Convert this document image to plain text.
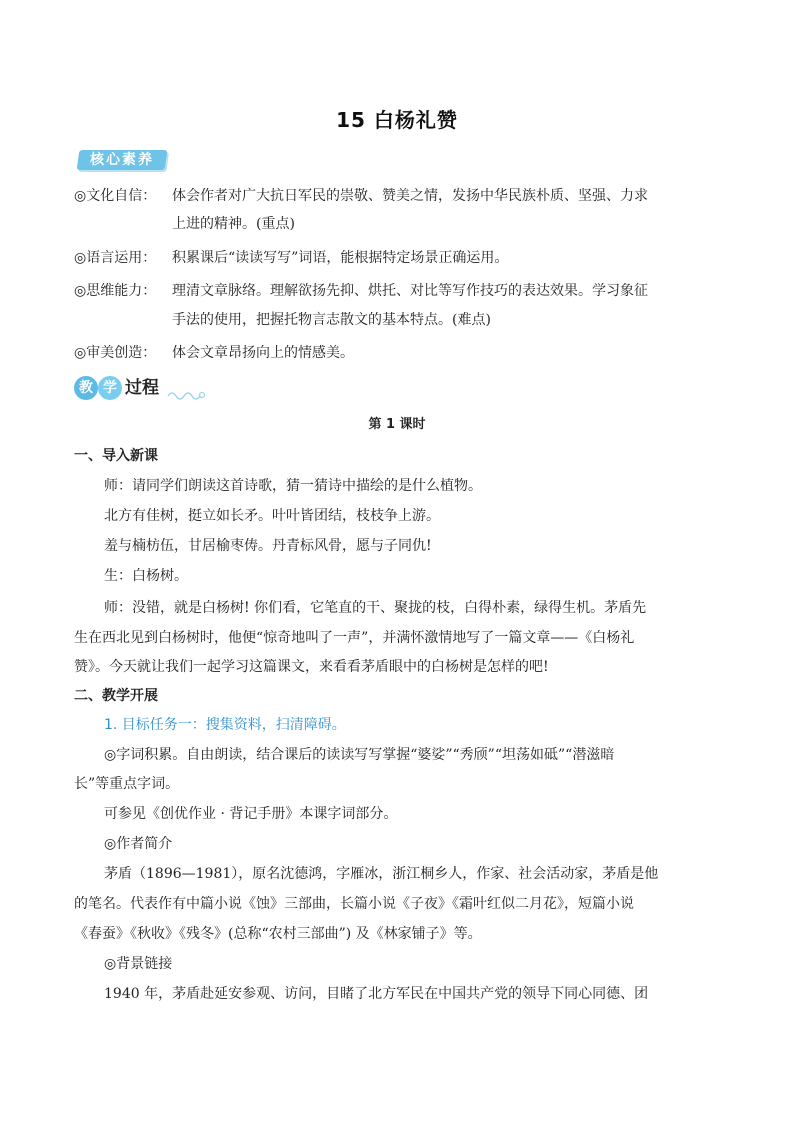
15 白杨礼赞
核心素养
◎文化自信： 体会作者对广大抗日军民的崇敬、赞美之情，发扬中华民族朴质、坚强、力求
上进的精神。(重点)
◎语言运用： 积累课后“读读写写”词语，能根据特定场景正确运用。
◎思维能力： 理清文章脉络。理解欲扬先抑、烘托、对比等写作技巧的表达效果。学习象征
手法的使用，把握托物言志散文的基本特点。(难点)
◎审美创造： 体会文章昂扬向上的情感美。
教 学 过程
第 1 课时
一、导入新课
师：请同学们朗读这首诗歌，猜一猜诗中描绘的是什么植物。
北方有佳树，挺立如长矛。叶叶皆团结，枝枝争上游。
羞与楠枋伍，甘居榆枣俦。丹青标风骨，愿与子同仇!
生：白杨树。
师：没错，就是白杨树! 你们看，它笔直的干、聚拢的枝，白得朴素，绿得生机。茅盾先
生在西北见到白杨树时，他便“惊奇地叫了一声”，并满怀激情地写了一篇文章——《白杨礼
赞》。今天就让我们一起学习这篇课文，来看看茅盾眼中的白杨树是怎样的吧!
二、教学开展
1. 目标任务一：搜集资料，扫清障碍。
◎字词积累。自由朗读，结合课后的读读写写掌握“婆娑”“秀颀”“坦荡如砥”“潜滋暗
长”等重点字词。
可参见《创优作业 · 背记手册》本课字词部分。
◎作者简介
茅盾（1896—1981），原名沈德鸿，字雁冰，浙江桐乡人，作家、社会活动家，茅盾是他
的笔名。代表作有中篇小说《蚀》三部曲，长篇小说《子夜》《霜叶红似二月花》，短篇小说
《春蚕》《秋收》《残冬》(总称“农村三部曲”) 及《林家铺子》等。
◎背景链接
1940 年，茅盾赴延安参观、访问，目睹了北方军民在中国共产党的领导下同心同德、团
